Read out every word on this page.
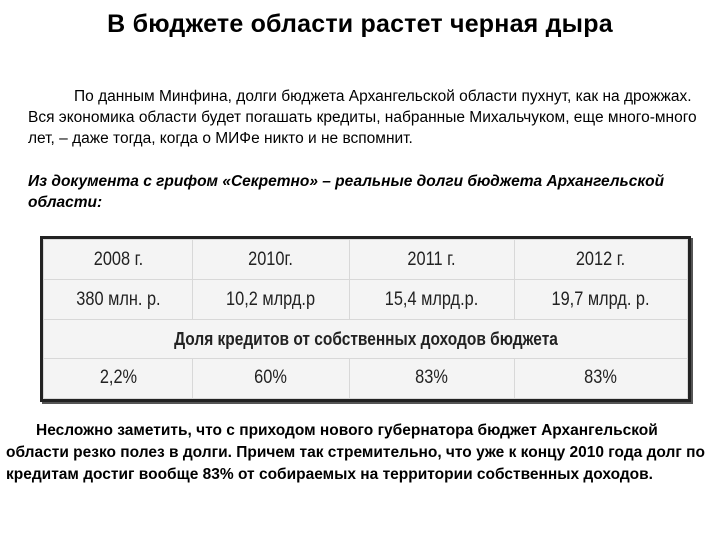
В бюджете области растет черная дыра

По данным Минфина, долги бюджета Архангельской области пухнут, как на дрожжах. Вся экономика области будет погашать кредиты, набранные Михальчуком, еще много-много лет, – даже тогда, когда о МИФе никто и не вспомнит.

Из документа с грифом «Секретно» – реальные долги бюджета Архангельской области:

2008 г.	2010г.	2011 г.	2012 г.
380 млн. р.	10,2 млрд.р	15,4 млрд.р.	19,7 млрд. р.
Доля кредитов от собственных доходов бюджета			
2,2%	60%	83%	83%

Несложно заметить, что с приходом нового губернатора бюджет Архангельской области резко полез в долги. Причем так стремительно, что уже к концу 2010 года долг по кредитам достиг вообще 83% от собираемых на территории собственных доходов.
